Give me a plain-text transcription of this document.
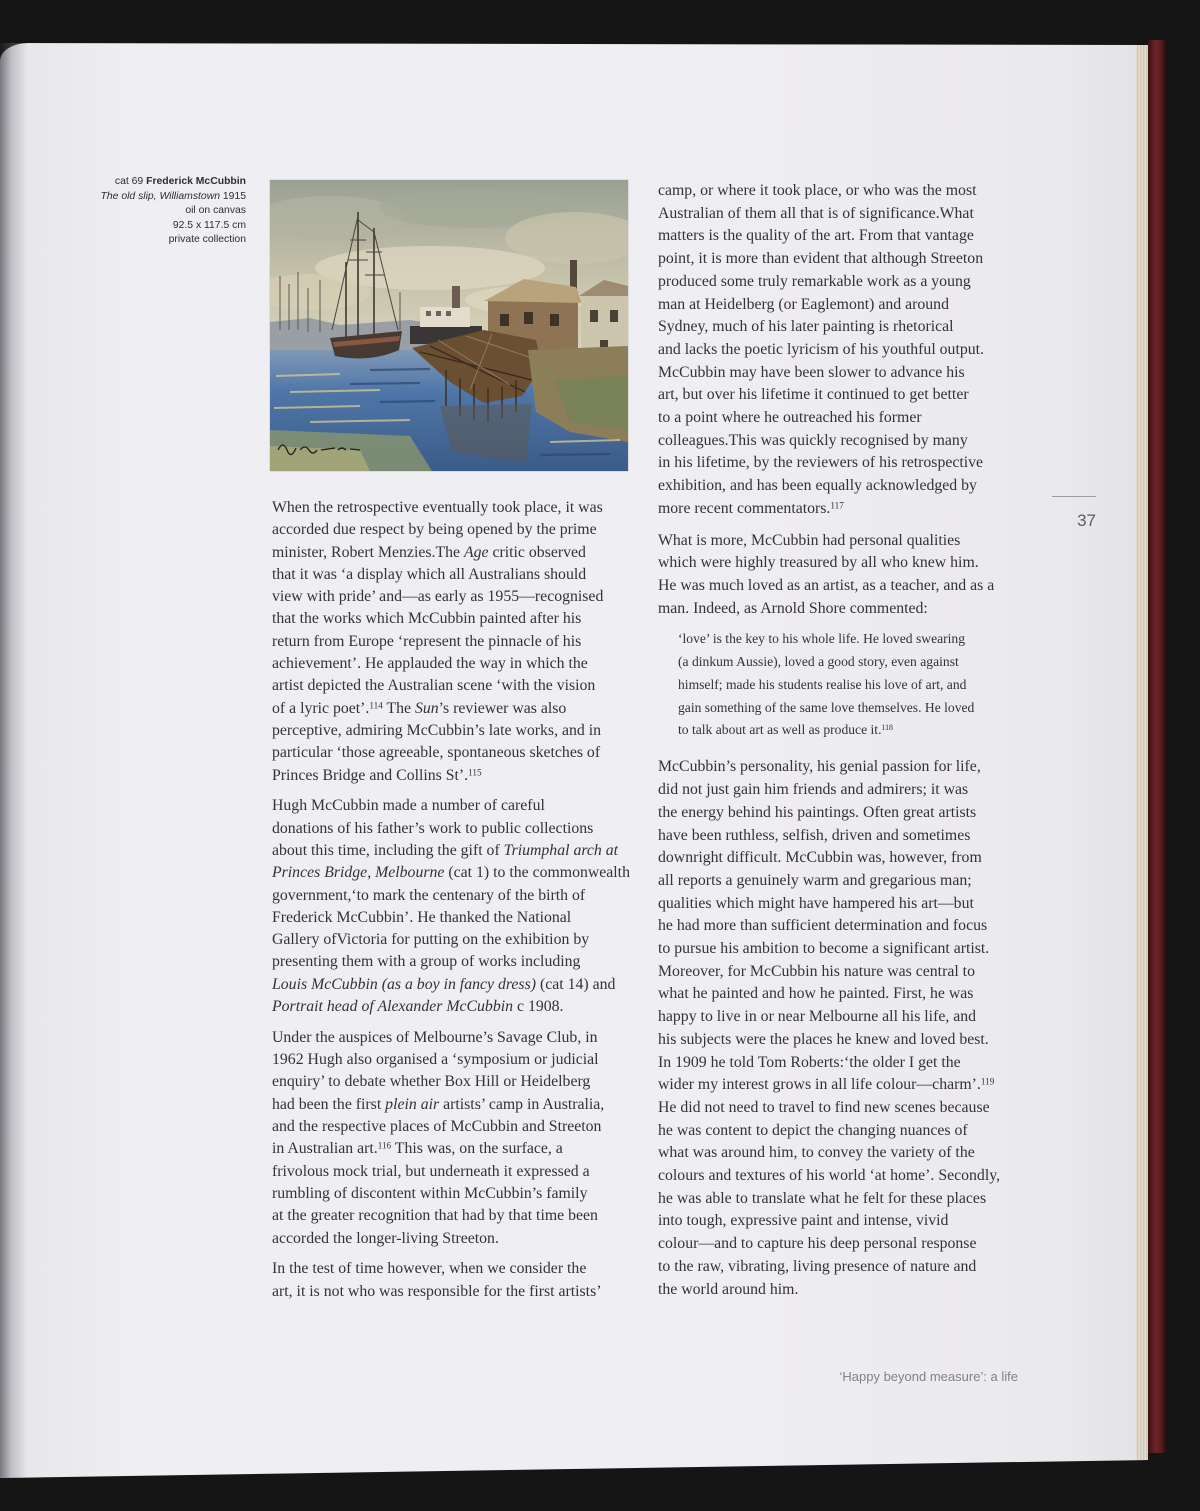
cat 69 Frederick McCubbin
The old slip, Williamstown 1915
oil on canvas
92.5 x 117.5 cm
private collection
When the retrospective eventually took place, it was
accorded due respect by being opened by the prime
minister, Robert Menzies.The Age critic observed
that it was ‘a display which all Australians should
view with pride’ and—as early as 1955—recognised
that the works which McCubbin painted after his
return from Europe ‘represent the pinnacle of his
achievement’. He applauded the way in which the
artist depicted the Australian scene ‘with the vision
of a lyric poet’.$^{114}$ The Sun’s reviewer was also
perceptive, admiring McCubbin’s late works, and in
particular ‘those agreeable, spontaneous sketches of
Princes Bridge and Collins St’.$^{115}$
Hugh McCubbin made a number of careful
donations of his father’s work to public collections
about this time, including the gift of Triumphal arch at
Princes Bridge, Melbourne (cat 1) to the commonwealth
government,‘to mark the centenary of the birth of
Frederick McCubbin’. He thanked the National
Gallery ofVictoria for putting on the exhibition by
presenting them with a group of works including
Louis McCubbin (as a boy in fancy dress) (cat 14) and
Portrait head of Alexander McCubbin c 1908.
Under the auspices of Melbourne’s Savage Club, in
1962 Hugh also organised a ‘symposium or judicial
enquiry’ to debate whether Box Hill or Heidelberg
had been the first plein air artists’ camp in Australia,
and the respective places of McCubbin and Streeton
in Australian art.$^{116}$ This was, on the surface, a
frivolous mock trial, but underneath it expressed a
rumbling of discontent within McCubbin’s family
at the greater recognition that had by that time been
accorded the longer-living Streeton.
In the test of time however, when we consider the
art, it is not who was responsible for the first artists’
camp, or where it took place, or who was the most
Australian of them all that is of significance.What
matters is the quality of the art. From that vantage
point, it is more than evident that although Streeton
produced some truly remarkable work as a young
man at Heidelberg (or Eaglemont) and around
Sydney, much of his later painting is rhetorical
and lacks the poetic lyricism of his youthful output.
McCubbin may have been slower to advance his
art, but over his lifetime it continued to get better
to a point where he outreached his former
colleagues.This was quickly recognised by many
in his lifetime, by the reviewers of his retrospective
exhibition, and has been equally acknowledged by
more recent commentators.$^{117}$
What is more, McCubbin had personal qualities
which were highly treasured by all who knew him.
He was much loved as an artist, as a teacher, and as a
man. Indeed, as Arnold Shore commented:
‘love’ is the key to his whole life. He loved swearing
(a dinkum Aussie), loved a good story, even against
himself; made his students realise his love of art, and
gain something of the same love themselves. He loved
to talk about art as well as produce it.$^{118}$
McCubbin’s personality, his genial passion for life,
did not just gain him friends and admirers; it was
the energy behind his paintings. Often great artists
have been ruthless, selfish, driven and sometimes
downright difficult. McCubbin was, however, from
all reports a genuinely warm and gregarious man;
qualities which might have hampered his art—but
he had more than sufficient determination and focus
to pursue his ambition to become a significant artist.
Moreover, for McCubbin his nature was central to
what he painted and how he painted. First, he was
happy to live in or near Melbourne all his life, and
his subjects were the places he knew and loved best.
In 1909 he told Tom Roberts:‘the older I get the
wider my interest grows in all life colour—charm’.$^{119}$
He did not need to travel to find new scenes because
he was content to depict the changing nuances of
what was around him, to convey the variety of the
colours and textures of his world ‘at home’. Secondly,
he was able to translate what he felt for these places
into tough, expressive paint and intense, vivid
colour—and to capture his deep personal response
to the raw, vibrating, living presence of nature and
the world around him.
37
‘Happy beyond measure’: a life
